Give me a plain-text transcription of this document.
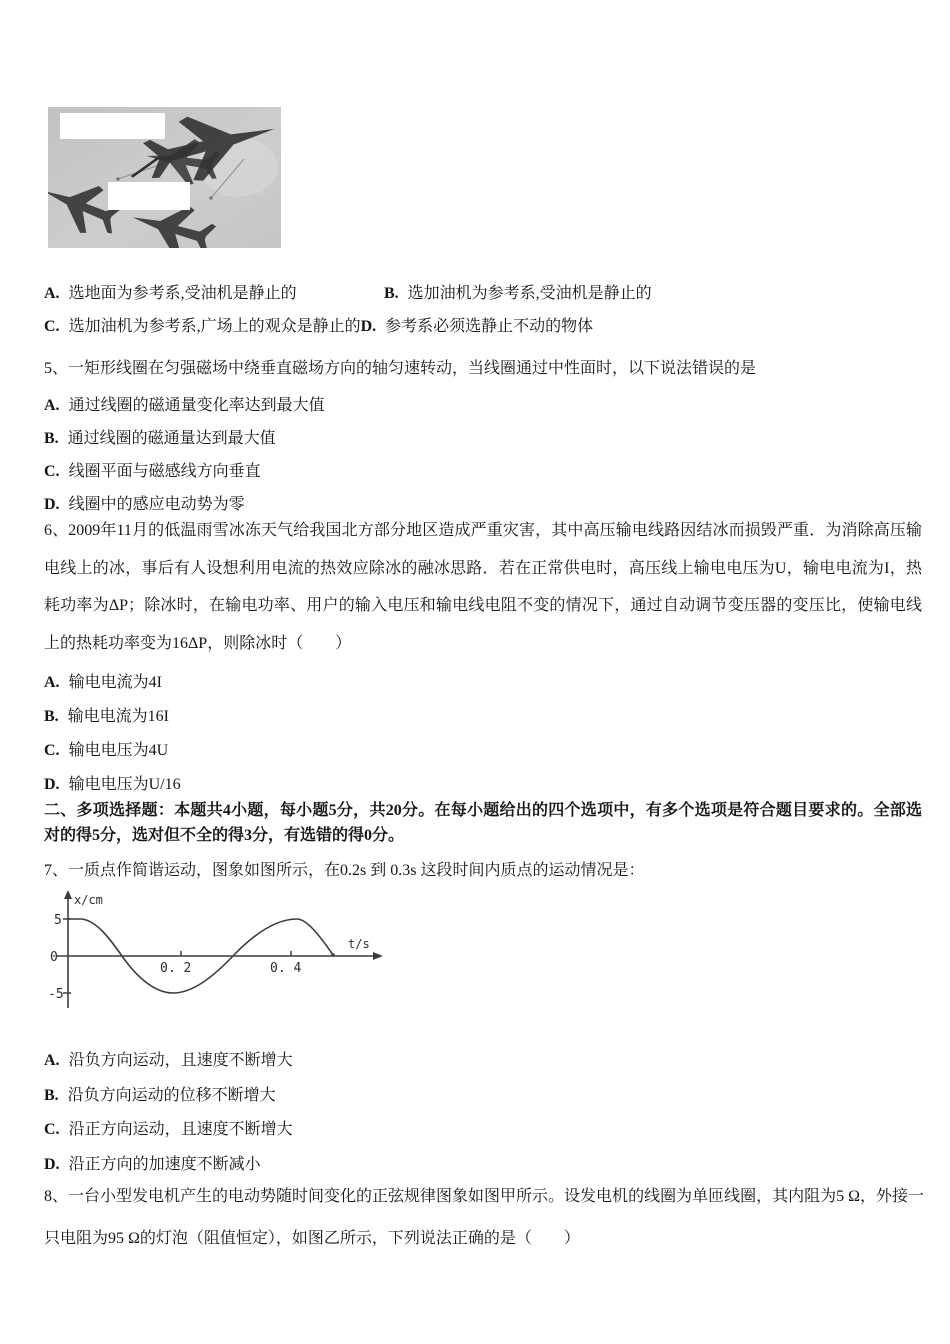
A. 选地面为参考系,受油机是静止的	B. 选加油机为参考系,受油机是静止的
C. 选加油机为参考系,广场上的观众是静止的D. 参考系必须选静止不动的物体
5、一矩形线圈在匀强磁场中绕垂直磁场方向的轴匀速转动，当线圈通过中性面时，以下说法错误的是
A. 通过线圈的磁通量变化率达到最大值
B. 通过线圈的磁通量达到最大值
C. 线圈平面与磁感线方向垂直
D. 线圈中的感应电动势为零
6、2009年11月的低温雨雪冰冻天气给我国北方部分地区造成严重灾害，其中高压输电线路因结冰而损毁严重．为消除高压输电线上的冰，事后有人设想利用电流的热效应除冰的融冰思路．若在正常供电时，高压线上输电电压为U，输电电流为I，热耗功率为ΔP；除冰时，在输电功率、用户的输入电压和输电线电阻不变的情况下，通过自动调节变压器的变压比，使输电线上的热耗功率变为16ΔP，则除冰时（　　）
A. 输电电流为4I
B. 输电电流为16I
C. 输电电压为4U
D. 输电电压为U/16
二、多项选择题：本题共4小题，每小题5分，共20分。在每小题给出的四个选项中，有多个选项是符合题目要求的。全部选对的得5分，选对但不全的得3分，有选错的得0分。
7、一质点作简谐运动，图象如图所示，在0.2s 到 0.3s 这段时间内质点的运动情况是：
x/cm
t/s
5
0
-5
0. 2	0. 4
A. 沿负方向运动，且速度不断增大
B. 沿负方向运动的位移不断增大
C. 沿正方向运动，且速度不断增大
D. 沿正方向的加速度不断减小
8、一台小型发电机产生的电动势随时间变化的正弦规律图象如图甲所示。设发电机的线圈为单匝线圈，其内阻为5 Ω，外接一只电阻为95 Ω的灯泡（阻值恒定），如图乙所示，下列说法正确的是（　　）
